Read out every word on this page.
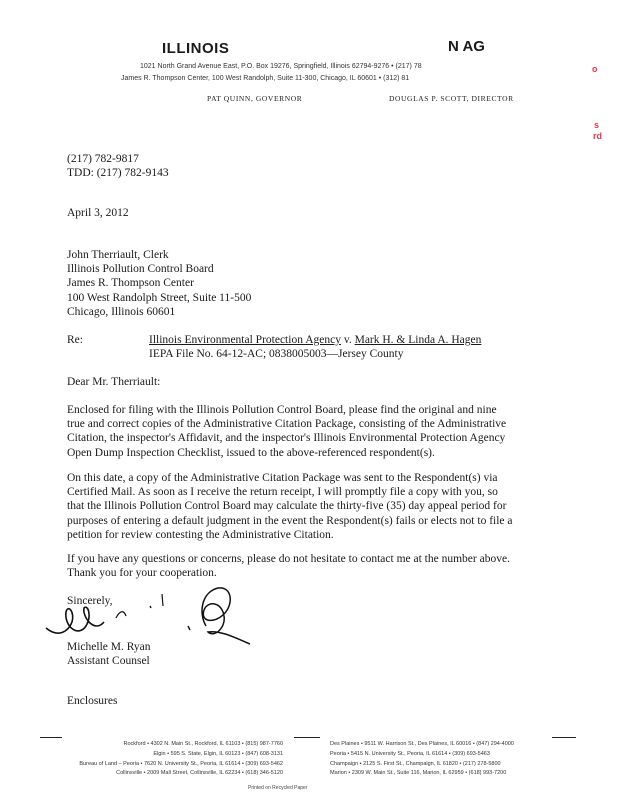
ILLINOIS	N AG
1021 North Grand Avenue East, P.O. Box 19276, Springfield, Illinois 62794-9276 • (217) 78
James R. Thompson Center, 100 West Randolph, Suite 11-300, Chicago, IL 60601 • (312) 81
PAT QUINN, GOVERNOR	DOUGLAS P. SCOTT, DIRECTOR
o
s
rd
(217) 782-9817
TDD: (217) 782-9143
April 3, 2012
John Therriault, Clerk
Illinois Pollution Control Board
James R. Thompson Center
100 West Randolph Street, Suite 11-500
Chicago, Illinois 60601
Re:	Illinois Environmental Protection Agency v. Mark H. & Linda A. Hagen
IEPA File No. 64-12-AC; 0838005003—Jersey County
Dear Mr. Therriault:
Enclosed for filing with the Illinois Pollution Control Board, please find the original and nine
true and correct copies of the Administrative Citation Package, consisting of the Administrative
Citation, the inspector's Affidavit, and the inspector's Illinois Environmental Protection Agency
Open Dump Inspection Checklist, issued to the above-referenced respondent(s).
On this date, a copy of the Administrative Citation Package was sent to the Respondent(s) via
Certified Mail. As soon as I receive the return receipt, I will promptly file a copy with you, so
that the Illinois Pollution Control Board may calculate the thirty-five (35) day appeal period for
purposes of entering a default judgment in the event the Respondent(s) fails or elects not to file a
petition for review contesting the Administrative Citation.
If you have any questions or concerns, please do not hesitate to contact me at the number above.
Thank you for your cooperation.
Sincerely,
Michelle M. Ryan
Assistant Counsel
Enclosures
Rockford • 4302 N. Main St., Rockford, IL 61103 • (815) 987-7760
Elgin • 595 S. State, Elgin, IL 60123 • (847) 608-3131
Bureau of Land – Peoria • 7620 N. University St., Peoria, IL 61614 • (309) 693-5462
Collinsville • 2009 Mall Street, Collinsville, IL 62234 • (618) 346-5120
Des Plaines • 9511 W. Harrison St., Des Plaines, IL 60016 • (847) 294-4000
Peoria • 5415 N. University St., Peoria, IL 61614 • (309) 693-5463
Champaign • 2125 S. First St., Champaign, IL 61820 • (217) 278-5800
Marion • 2309 W. Main St., Suite 116, Marion, IL 62959 • (618) 993-7200
Printed on Recycled Paper
